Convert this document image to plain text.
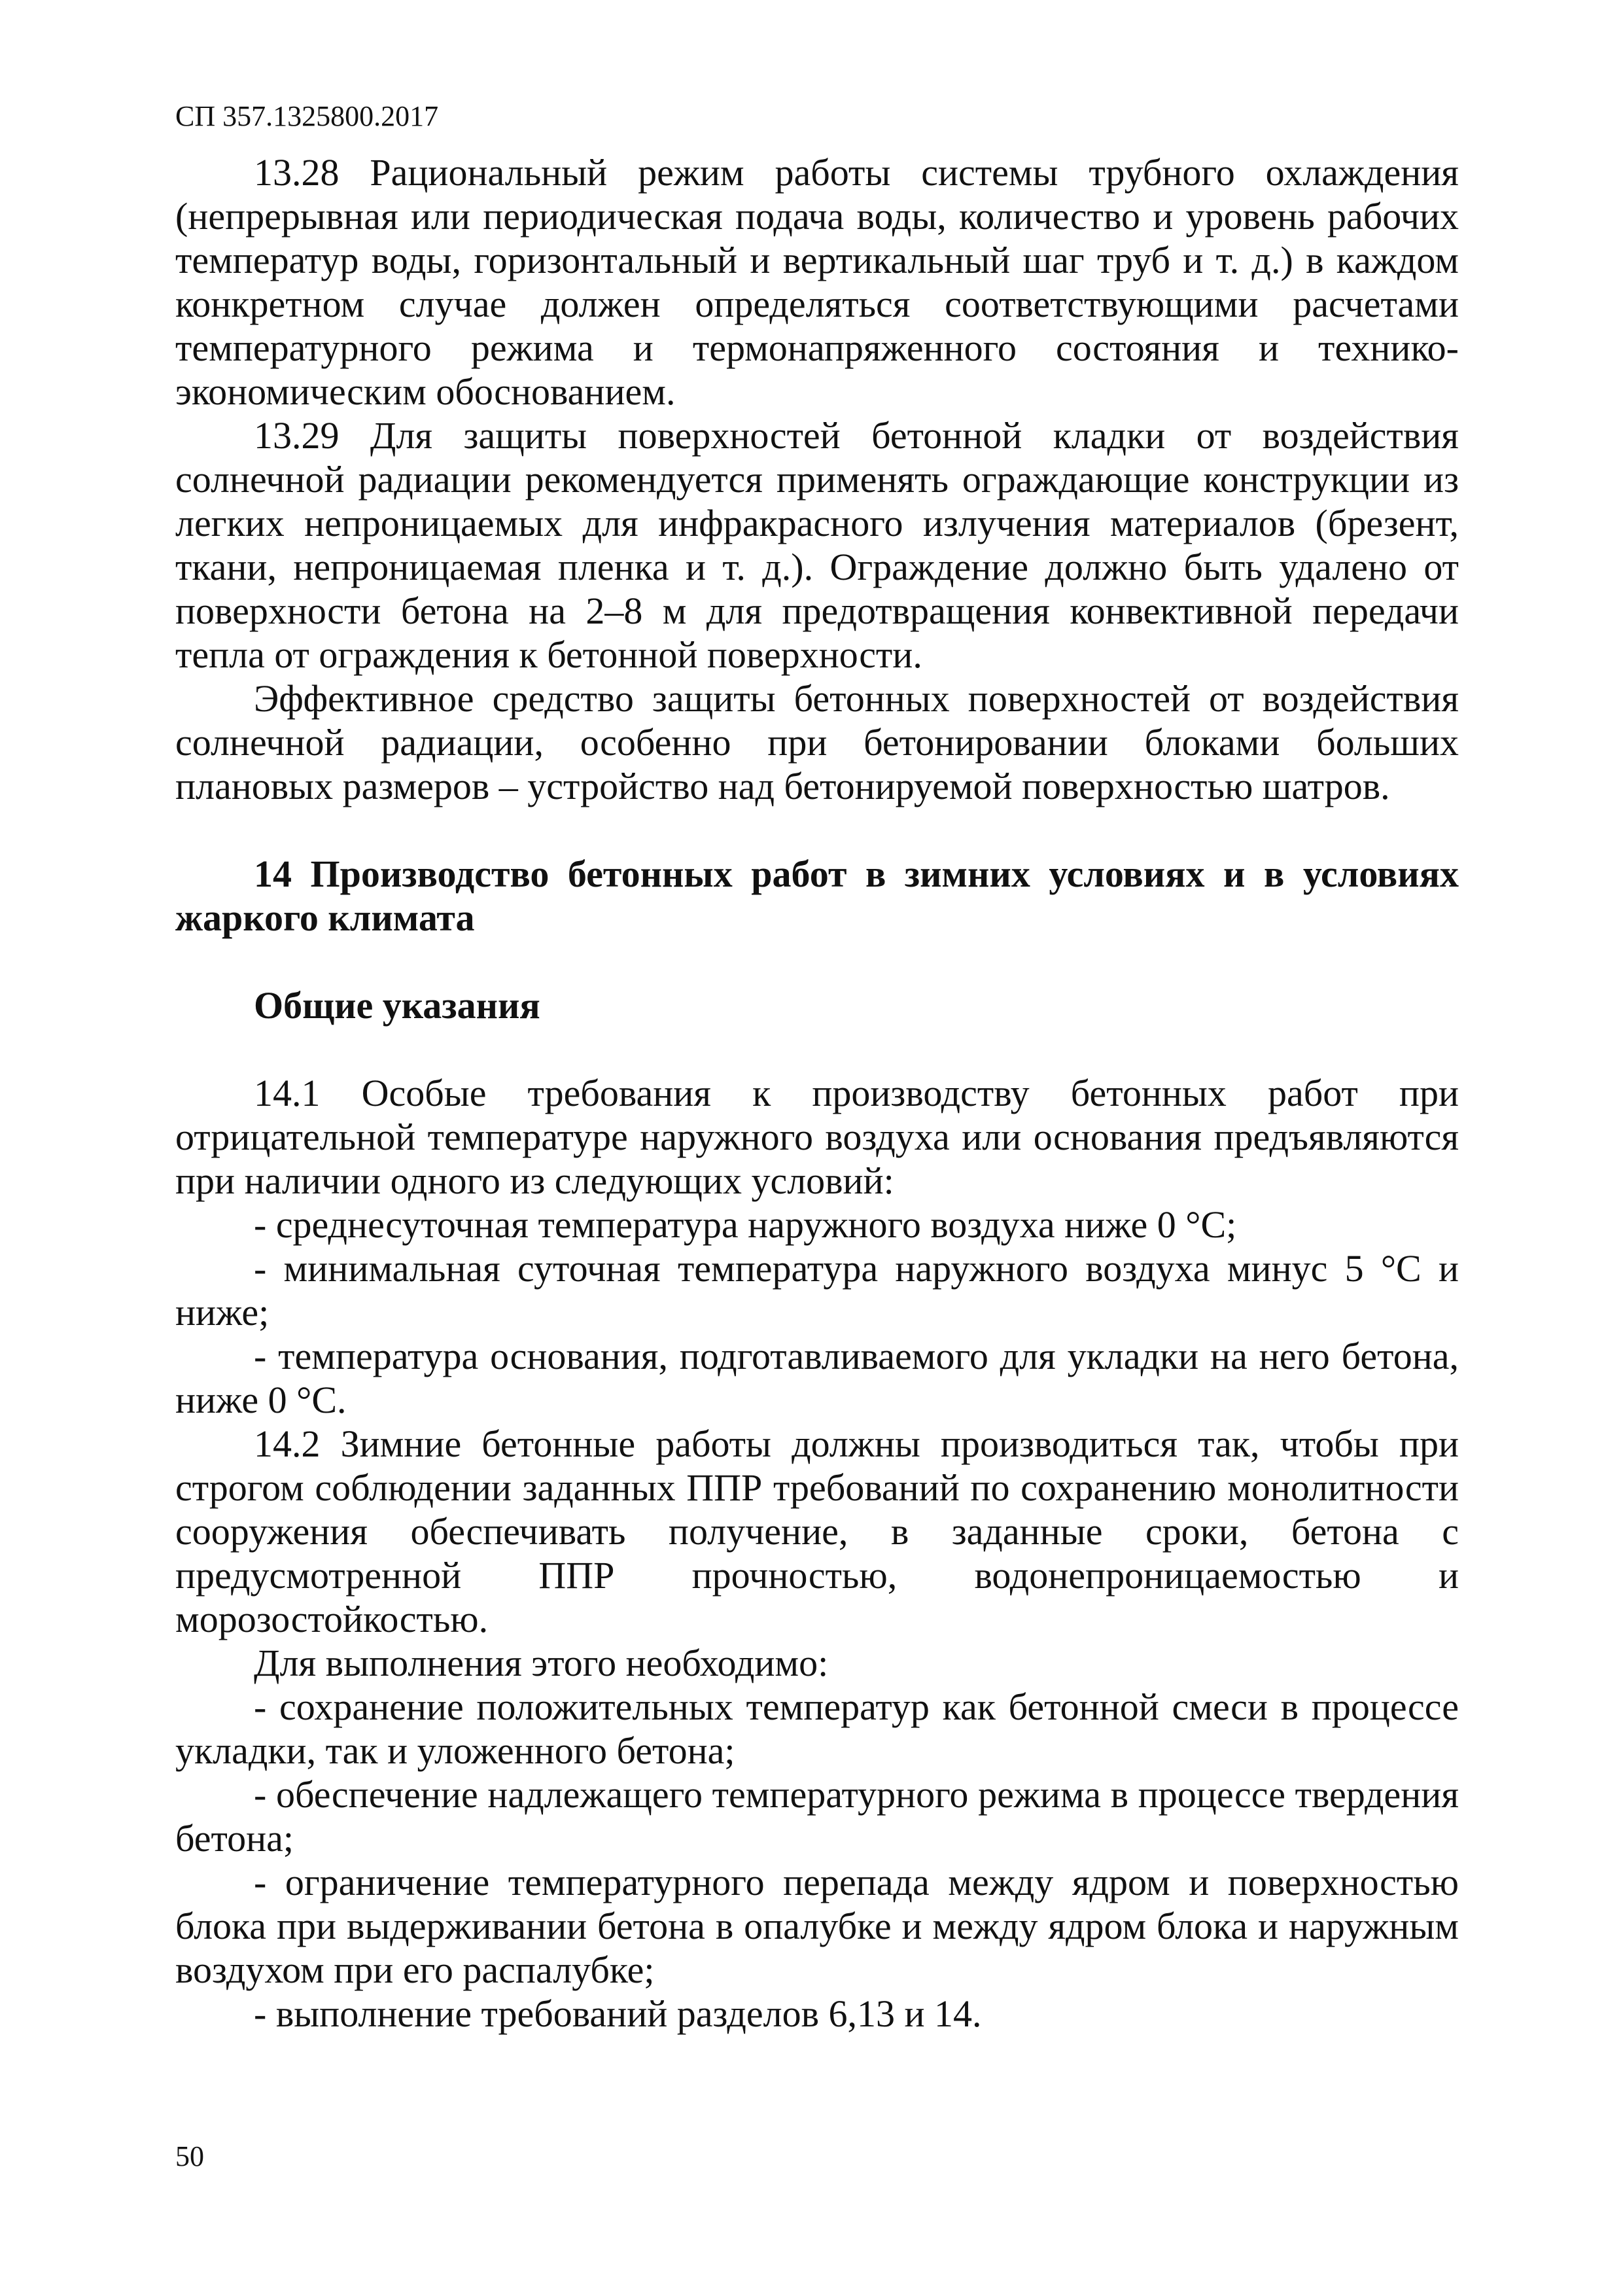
СП 357.1325800.2017

13.28 Рациональный режим работы системы трубного охлаждения (непрерывная или периодическая подача воды, количество и уровень рабочих температур воды, горизонтальный и вертикальный шаг труб и т. д.) в каждом конкретном случае должен определяться соответствующими расчетами температурного режима и термонапряженного состояния и технико-экономическим обоснованием.

13.29 Для защиты поверхностей бетонной кладки от воздействия солнечной радиации рекомендуется применять ограждающие конструкции из легких непроницаемых для инфракрасного излучения материалов (брезент, ткани, непроницаемая пленка и т. д.). Ограждение должно быть удалено от поверхности бетона на 2–8 м для предотвращения конвективной передачи тепла от ограждения к бетонной поверхности.

Эффективное средство защиты бетонных поверхностей от воздействия солнечной радиации, особенно при бетонировании блоками больших плановых размеров – устройство над бетонируемой поверхностью шатров.

14 Производство бетонных работ в зимних условиях и в условиях жаркого климата
Общие указания

14.1 Особые требования к производству бетонных работ при отрицательной температуре наружного воздуха или основания предъявляются при наличии одного из следующих условий:

- среднесуточная температура наружного воздуха ниже 0 °C;

- минимальная суточная температура наружного воздуха минус 5 °C и ниже;

- температура основания, подготавливаемого для укладки на него бетона, ниже 0 °C.

14.2 Зимние бетонные работы должны производиться так, чтобы при строгом соблюдении заданных ППР требований по сохранению монолитности сооружения обеспечивать получение, в заданные сроки, бетона с предусмотренной ППР прочностью, водонепроницаемостью и морозостойкостью.

Для выполнения этого необходимо:

- сохранение положительных температур как бетонной смеси в процессе укладки, так и уложенного бетона;

- обеспечение надлежащего температурного режима в процессе твердения бетона;

- ограничение температурного перепада между ядром и поверхностью блока при выдерживании бетона в опалубке и между ядром блока и наружным воздухом при его распалубке;

- выполнение требований разделов 6,13 и 14.

50
